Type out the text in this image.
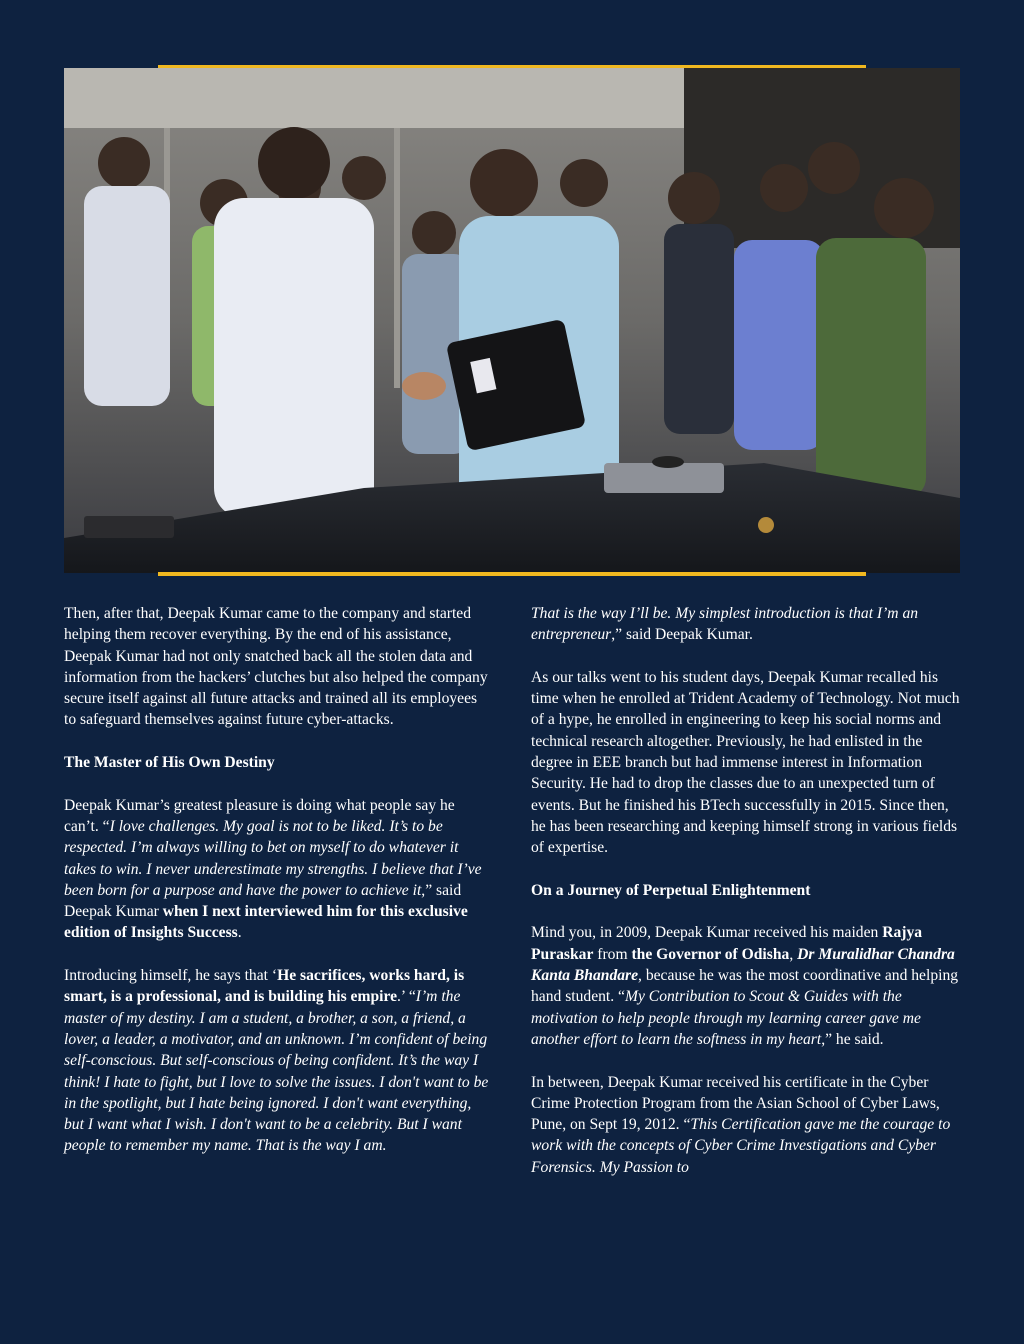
Then, after that, Deepak Kumar came to the company and started helping them recover everything. By the end of his assistance, Deepak Kumar had not only snatched back all the stolen data and information from the hackers’ clutches but also helped the company secure itself against all future attacks and trained all its employees to safeguard themselves against future cyber-attacks.

The Master of His Own Destiny

Deepak Kumar’s greatest pleasure is doing what people say he can’t. “I love challenges. My goal is not to be liked. It’s to be respected. I’m always willing to bet on myself to do whatever it takes to win. I never underestimate my strengths. I believe that I’ve been born for a purpose and have the power to achieve it,” said Deepak Kumar when I next interviewed him for this exclusive edition of Insights Success.

Introducing himself, he says that ‘He sacrifices, works hard, is smart, is a professional, and is building his empire.’ “I’m the master of my destiny. I am a student, a brother, a son, a friend, a lover, a leader, a motivator, and an unknown. I’m confident of being self-conscious. But self-conscious of being confident. It’s the way I think! I hate to fight, but I love to solve the issues. I don't want to be in the spotlight, but I hate being ignored. I don't want everything, but I want what I wish. I don't want to be a celebrity. But I want people to remember my name. That is the way I am.

That is the way I’ll be. My simplest introduction is that I’m an entrepreneur,” said Deepak Kumar.

As our talks went to his student days, Deepak Kumar recalled his time when he enrolled at Trident Academy of Technology. Not much of a hype, he enrolled in engineering to keep his social norms and technical research altogether. Previously, he had enlisted in the degree in EEE branch but had immense interest in Information Security. He had to drop the classes due to an unexpected turn of events. But he finished his BTech successfully in 2015. Since then, he has been researching and keeping himself strong in various fields of expertise.

On a Journey of Perpetual Enlightenment

Mind you, in 2009, Deepak Kumar received his maiden Rajya Puraskar from the Governor of Odisha, Dr Muralidhar Chandra Kanta Bhandare, because he was the most coordinative and helping hand student. “My Contribution to Scout & Guides with the motivation to help people through my learning career gave me another effort to learn the softness in my heart,” he said.

In between, Deepak Kumar received his certificate in the Cyber Crime Protection Program from the Asian School of Cyber Laws, Pune, on Sept 19, 2012. “This Certification gave me the courage to work with the concepts of Cyber Crime Investigations and Cyber Forensics. My Passion to
